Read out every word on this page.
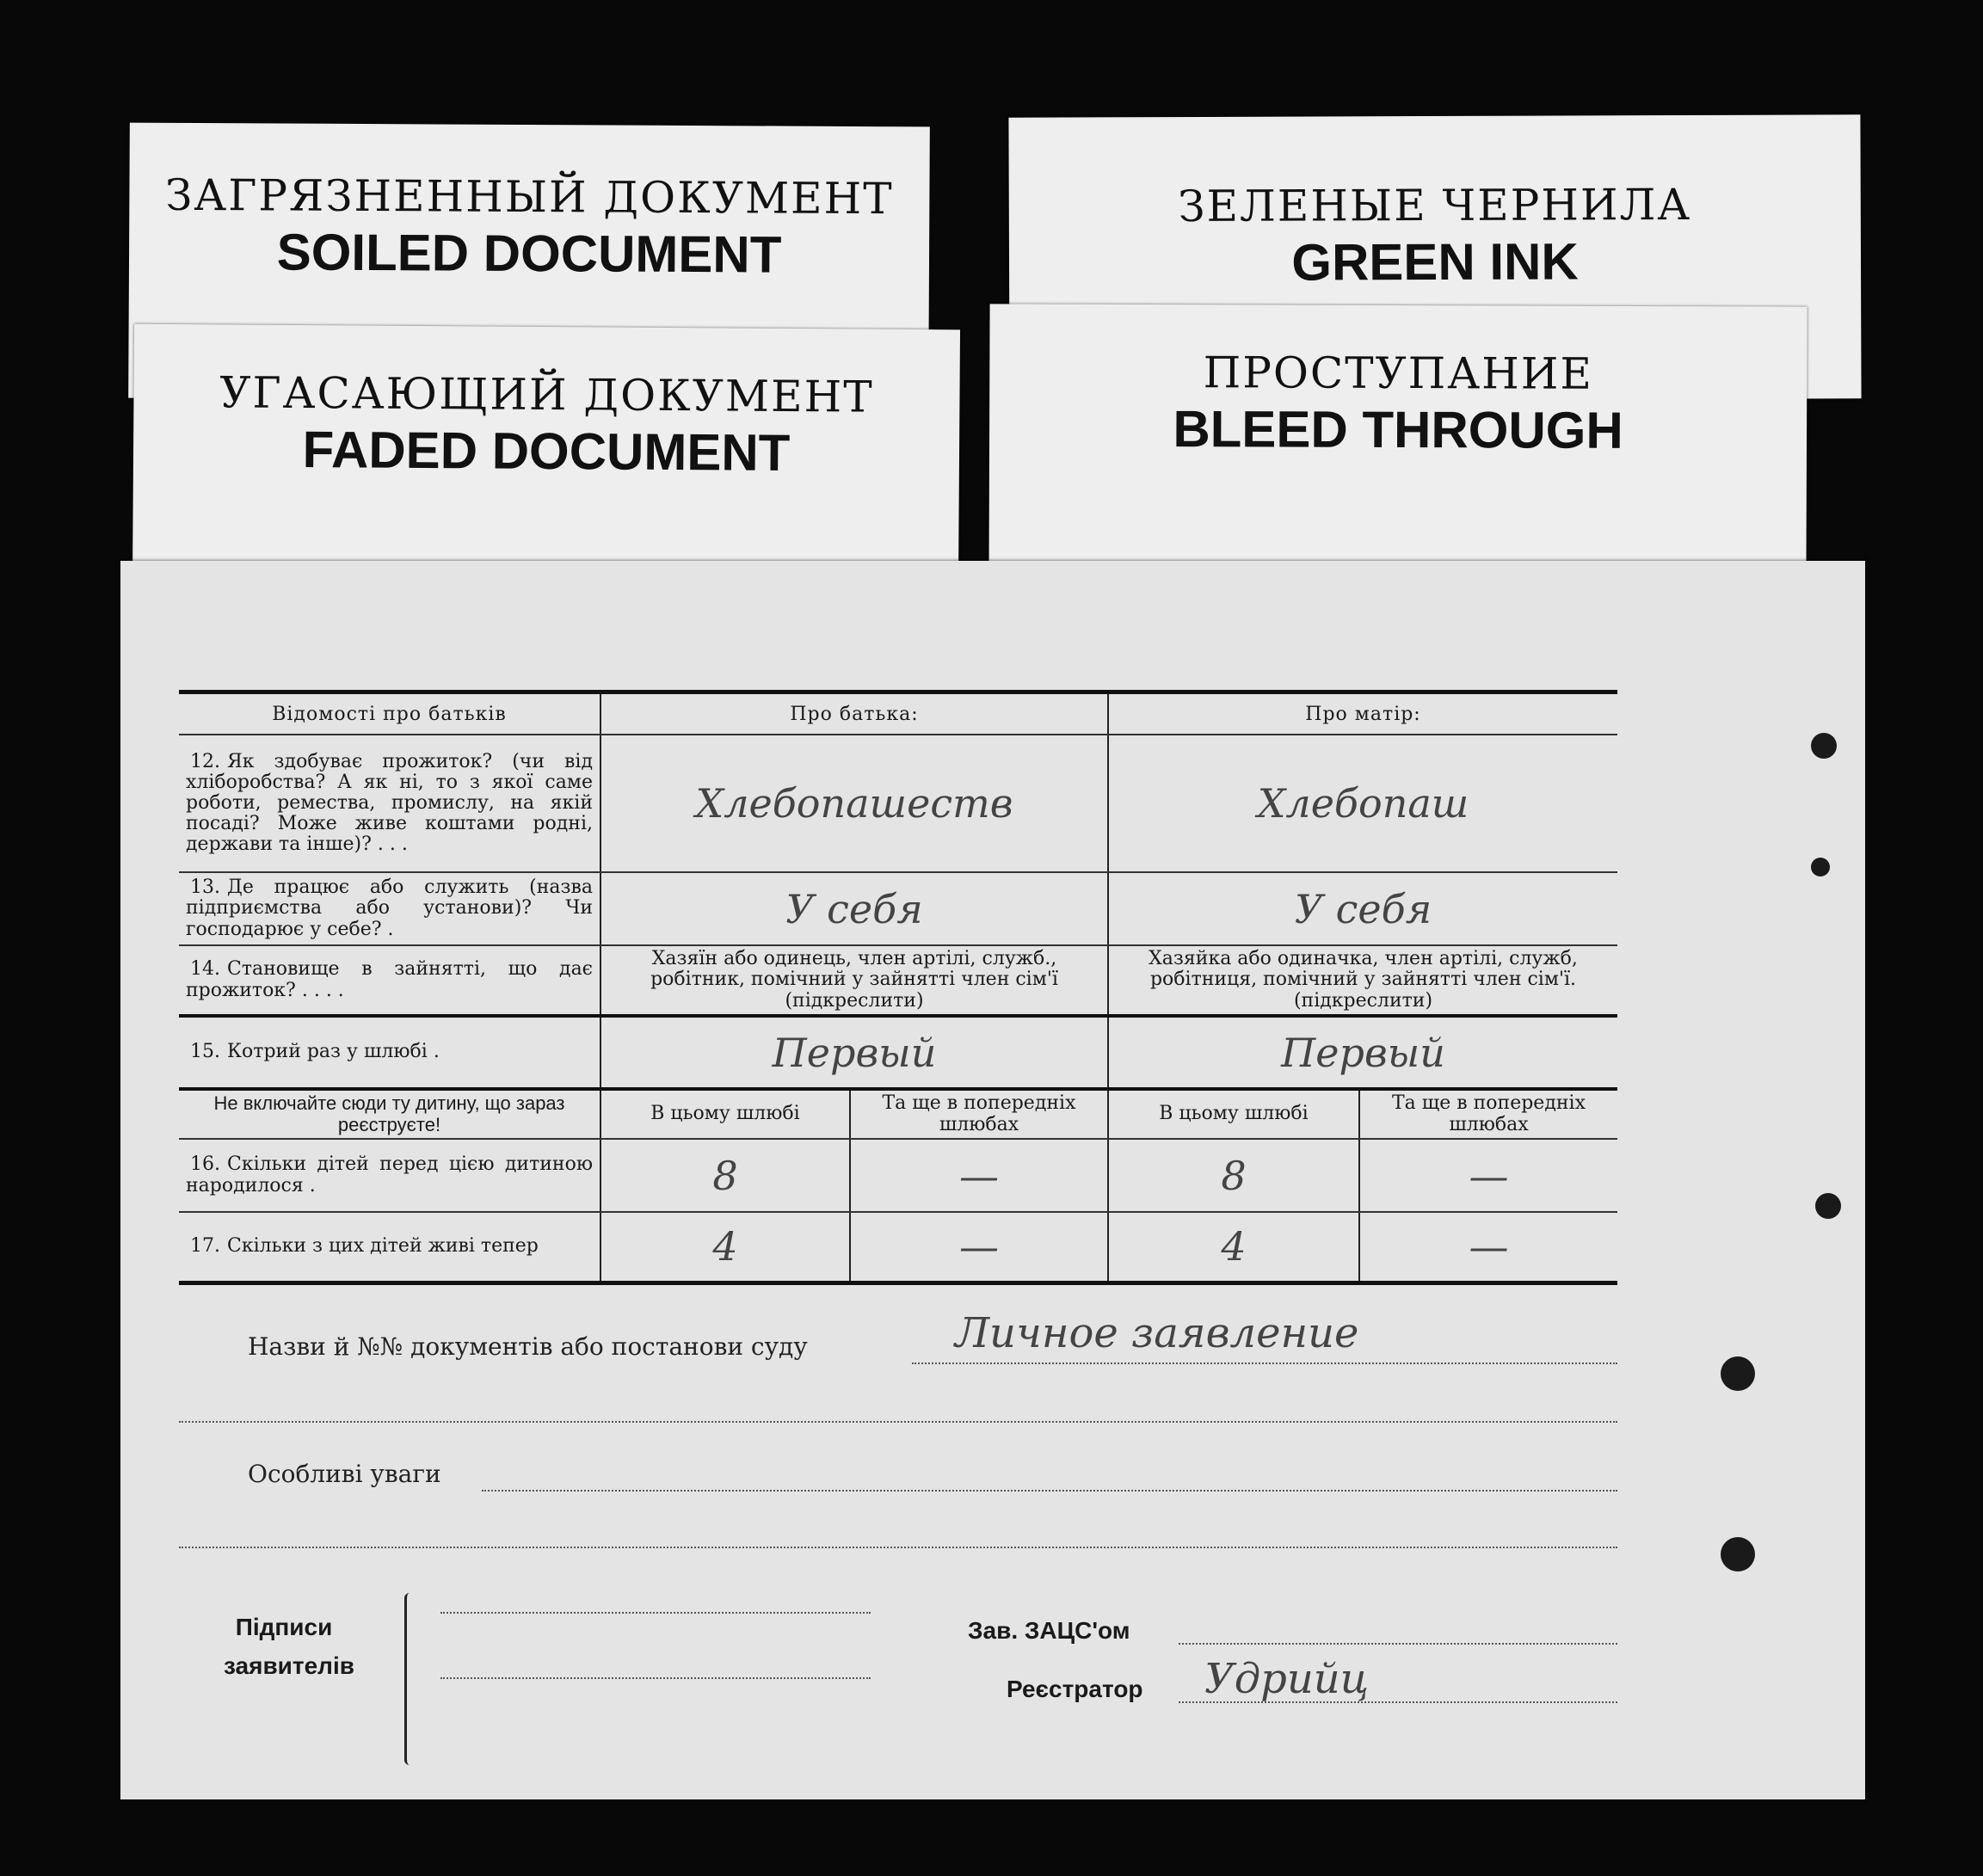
ЗАГРЯЗНЕННЫЙ ДОКУМЕНТ
SOILED DOCUMENT
ЗЕЛЕНЫЕ ЧЕРНИЛА
GREEN INK
УГАСАЮЩИЙ ДОКУМЕНТ
FADED DOCUMENT
ПРОСТУПАНИЕ
BLEED THROUGH
Відомості про батьків	Про батька:		Про матір:	
12. Як здобуває прожиток? (чи від хліборобства? А як ні, то з якої саме роботи, ремества, промислу, на якій посаді? Може живе коштами родні, держави та інше)? . . .	Хлебопашеств		Хлебопаш	
13. Де працює або служить (назва підприємства або установи)? Чи господарює у себе? .	У себя		У себя	
14. Становище в зайнятті, що дає прожиток? . . . .	Хазяїн або одинець, член артілі, служб., робітник, помічний у зайнятті член сім'ї (підкреслити)		Хазяйка або одиначка, член артілі, служб, робітниця, помічний у зайнятті член сім'ї. (підкреслити)	
15. Котрий раз у шлюбі .	Первый		Первый	
Не включайте сюди ту дитину, що зараз реєструєте!	В цьому шлюбі	Та ще в попередніх шлюбах	В цьому шлюбі	Та ще в попередніх шлюбах
16. Скільки дітей перед цією дитиною народилося .	8	—	8	—
17. Скільки з цих дітей живі тепер	4	—	4	—
Назви й №№ документів або постанови суду	Личное заявление
Особливі уваги
Підписи
заявителів
Зав. ЗАЦС'ом
Реєстратор Удрийц
